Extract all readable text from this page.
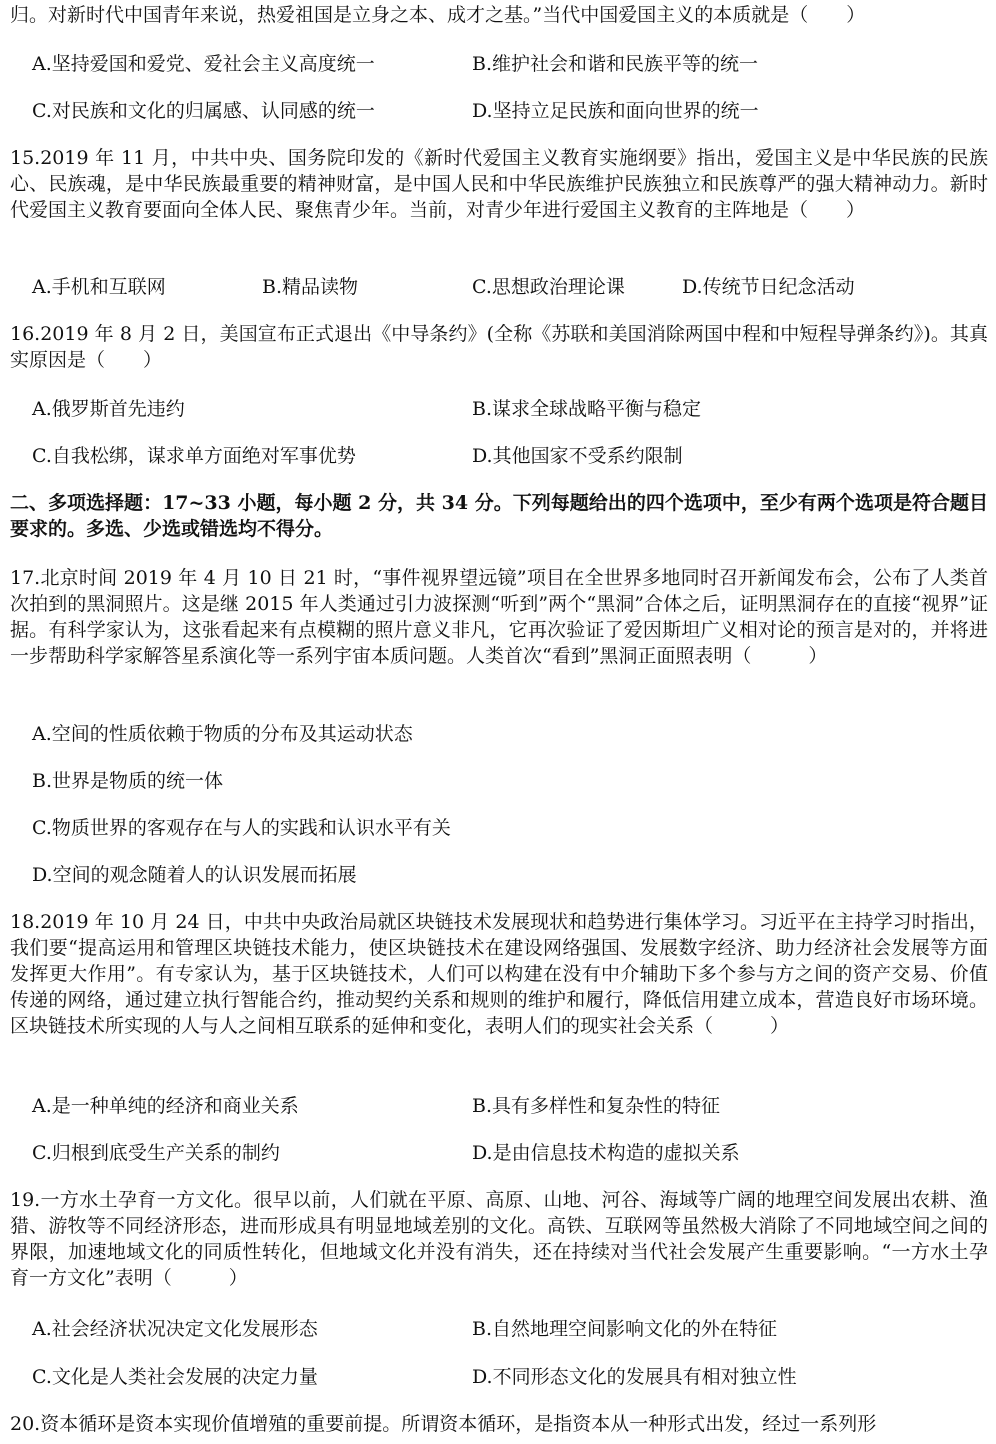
归。对新时代中国青年来说，热爱祖国是立身之本、成才之基。”当代中国爱国主义的本质就是（　　）
A.坚持爱国和爱党、爱社会主义高度统一	B.维护社会和谐和民族平等的统一
C.对民族和文化的归属感、认同感的统一	D.坚持立足民族和面向世界的统一

15.2019 年 11 月，中共中央、国务院印发的《新时代爱国主义教育实施纲要》指出，爱国主义是中华民族的民族心、民族魂，是中华民族最重要的精神财富，是中国人民和中华民族维护民族独立和民族尊严的强大精神动力。新时代爱国主义教育要面向全体人民、聚焦青少年。当前，对青少年进行爱国主义教育的主阵地是（　　）

A.手机和互联网	B.精品读物	C.思想政治理论课	D.传统节日纪念活动

16.2019 年 8 月 2 日，美国宣布正式退出《中导条约》(全称《苏联和美国消除两国中程和中短程导弹条约》)。其真实原因是（　　）

A.俄罗斯首先违约	B.谋求全球战略平衡与稳定
C.自我松绑，谋求单方面绝对军事优势	D.其他国家不受系约限制

二、多项选择题：17~33 小题，每小题 2 分，共 34 分。下列每题给出的四个选项中，至少有两个选项是符合题目要求的。多选、少选或错选均不得分。

17.北京时间 2019 年 4 月 10 日 21 时，“事件视界望远镜”项目在全世界多地同时召开新闻发布会，公布了人类首次拍到的黑洞照片。这是继 2015 年人类通过引力波探测“听到”两个“黑洞”合体之后，证明黑洞存在的直接“视界”证据。有科学家认为，这张看起来有点模糊的照片意义非凡，它再次验证了爱因斯坦广义相对论的预言是对的，并将进一步帮助科学家解答星系演化等一系列宇宙本质问题。人类首次“看到”黑洞正面照表明（　　　）

A.空间的性质依赖于物质的分布及其运动状态
B.世界是物质的统一体
C.物质世界的客观存在与人的实践和认识水平有关
D.空间的观念随着人的认识发展而拓展

18.2019 年 10 月 24 日，中共中央政治局就区块链技术发展现状和趋势进行集体学习。习近平在主持学习时指出，我们要“提高运用和管理区块链技术能力，使区块链技术在建设网络强国、发展数字经济、助力经济社会发展等方面发挥更大作用”。有专家认为，基于区块链技术，人们可以构建在没有中介辅助下多个参与方之间的资产交易、价值传递的网络，通过建立执行智能合约，推动契约关系和规则的维护和履行，降低信用建立成本，营造良好市场环境。区块链技术所实现的人与人之间相互联系的延伸和变化，表明人们的现实社会关系（　　　）

A.是一种单纯的经济和商业关系	B.具有多样性和复杂性的特征
C.归根到底受生产关系的制约	D.是由信息技术构造的虚拟关系

19.一方水土孕育一方文化。很早以前，人们就在平原、高原、山地、河谷、海域等广阔的地理空间发展出农耕、渔猎、游牧等不同经济形态，进而形成具有明显地域差别的文化。高铁、互联网等虽然极大消除了不同地域空间之间的界限，加速地域文化的同质性转化，但地域文化并没有消失，还在持续对当代社会发展产生重要影响。“一方水土孕育一方文化”表明（　　　）

A.社会经济状况决定文化发展形态	B.自然地理空间影响文化的外在特征
C.文化是人类社会发展的决定力量	D.不同形态文化的发展具有相对独立性
20.资本循环是资本实现价值增殖的重要前提。所谓资本循环，是指资本从一种形式出发，经过一系列形
